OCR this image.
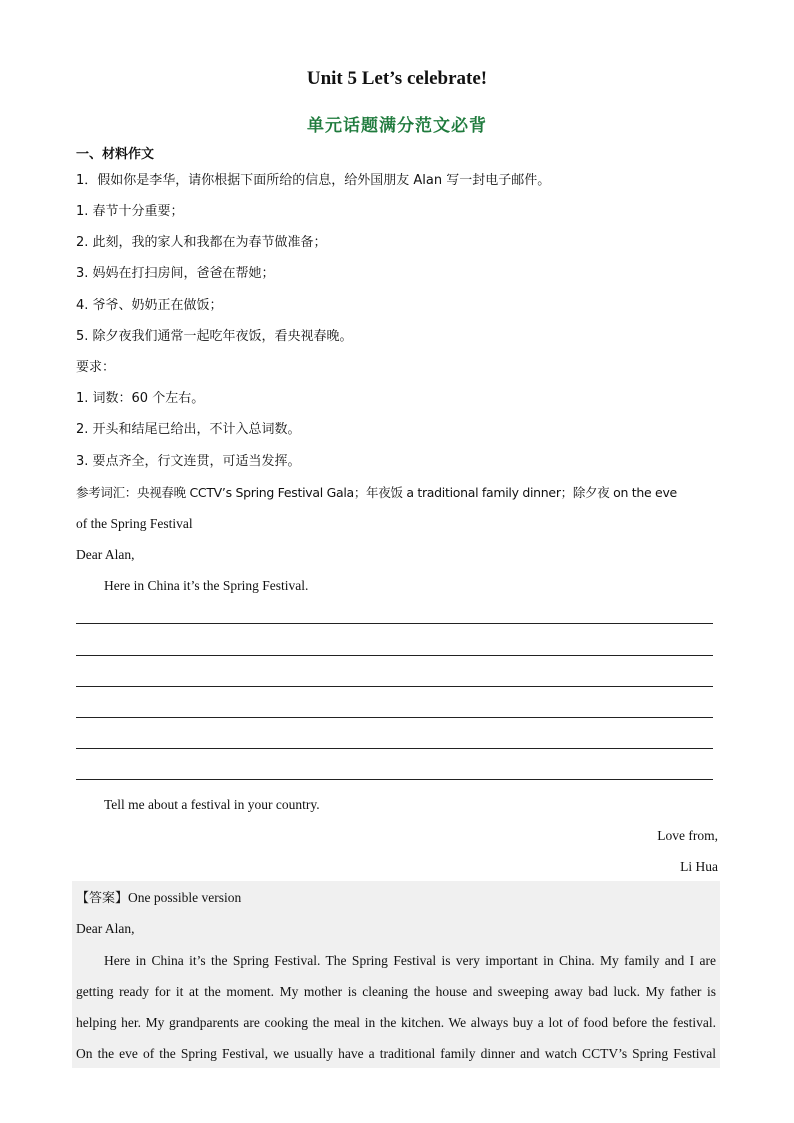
Unit 5 Let’s celebrate!
单元话题满分范文必背
一、材料作文
1．假如你是李华，请你根据下面所给的信息，给外国朋友 Alan 写一封电子邮件。
1. 春节十分重要；
2. 此刻，我的家人和我都在为春节做准备；
3. 妈妈在打扫房间，爸爸在帮她；
4. 爷爷、奶奶正在做饭；
5. 除夕夜我们通常一起吃年夜饭，看央视春晚。
要求：
1. 词数：60 个左右。
2. 开头和结尾已给出，不计入总词数。
3. 要点齐全，行文连贯，可适当发挥。
参考词汇：央视春晚 CCTV’s Spring Festival Gala；年夜饭 a traditional family dinner；除夕夜 on the eve
of the Spring Festival
Dear Alan,
Here in China it’s the Spring Festival.
Tell me about a festival in your country.
Love from,
Li Hua
【答案】One possible version
Dear Alan,
Here in China it’s the Spring Festival. The Spring Festival is very important in China. My family and I are
getting ready for it at the moment. My mother is cleaning the house and sweeping away bad luck. My father is
helping her. My grandparents are cooking the meal in the kitchen. We always buy a lot of food before the festival.
On the eve of the Spring Festival, we usually have a traditional family dinner and watch CCTV’s Spring Festival
